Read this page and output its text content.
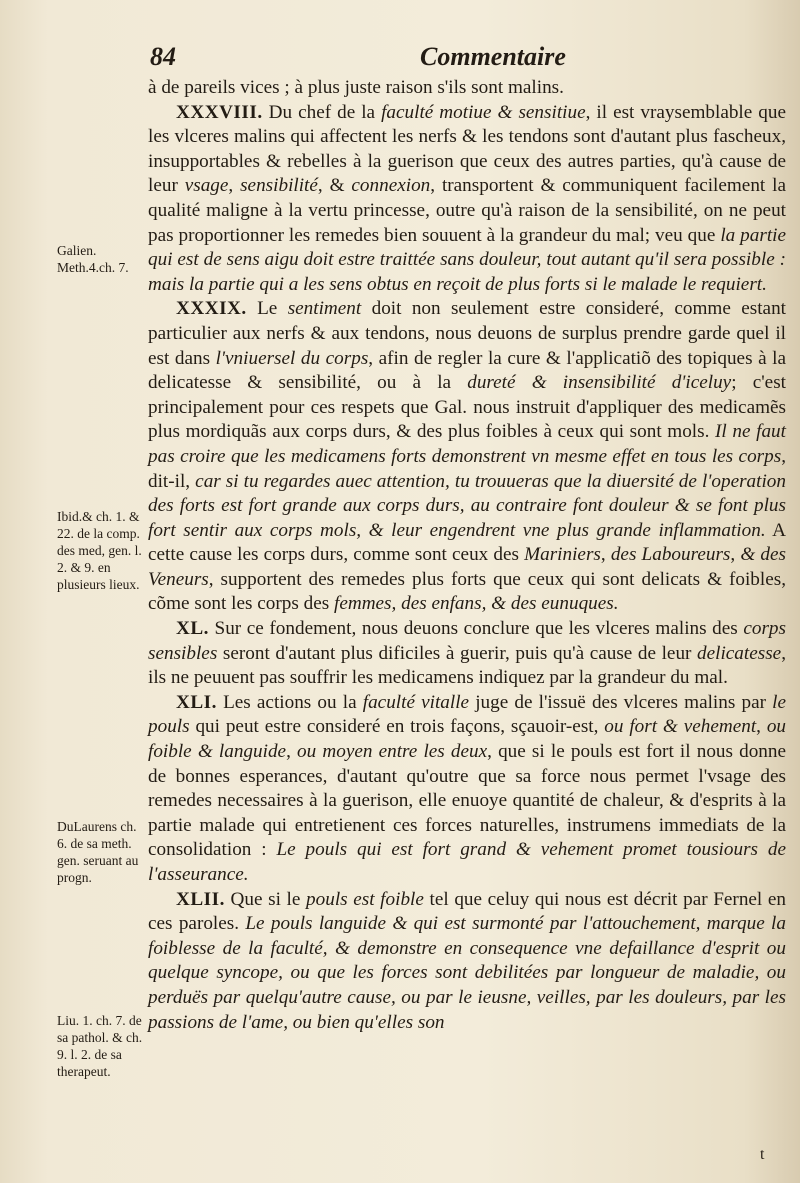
84	Commentaire
Galien. Meth.4.ch. 7.
Ibid.& ch. 1. & 22. de la comp. des med, gen. l. 2. & 9. en plusieurs lieux.
DuLaurens ch. 6. de sa meth. gen. seruant au progn.
Liu. 1. ch. 7. de sa pathol. & ch. 9. l. 2. de sa therapeut.

à de pareils vices ; à plus juste raison s'ils sont malins.

XXXVIII. Du chef de la faculté motiue & sensitiue, il est vraysemblable que les vlceres malins qui affectent les nerfs & les tendons sont d'autant plus fascheux, insupportables & rebelles à la guerison que ceux des autres parties, qu'à cause de leur vsage, sensibilité, & connexion, transportent & communiquent facilement la qualité maligne à la vertu princesse, outre qu'à raison de la sensibilité, on ne peut pas proportionner les remedes bien souuent à la grandeur du mal; veu que la partie qui est de sens aigu doit estre traittée sans douleur, tout autant qu'il sera possible : mais la partie qui a les sens obtus en reçoit de plus forts si le malade le requiert.

XXXIX. Le sentiment doit non seulement estre consideré, comme estant particulier aux nerfs & aux tendons, nous deuons de surplus prendre garde quel il est dans l'vniuersel du corps, afin de regler la cure & l'applicatiõ des topiques à la delicatesse & sensibilité, ou à la dureté & insensibilité d'iceluy; c'est principalement pour ces respets que Gal. nous instruit d'appliquer des medicamẽs plus mordiquãs aux corps durs, & des plus foibles à ceux qui sont mols. Il ne faut pas croire que les medicamens forts demonstrent vn mesme effet en tous les corps, dit-il, car si tu regardes auec attention, tu trouueras que la diuersité de l'operation des forts est fort grande aux corps durs, au contraire font douleur & se font plus fort sentir aux corps mols, & leur engendrent vne plus grande inflammation. A cette cause les corps durs, comme sont ceux des Mariniers, des Laboureurs, & des Veneurs, supportent des remedes plus forts que ceux qui sont delicats & foibles, cõme sont les corps des femmes, des enfans, & des eunuques.

XL. Sur ce fondement, nous deuons conclure que les vlceres malins des corps sensibles seront d'autant plus dificiles à guerir, puis qu'à cause de leur delicatesse, ils ne peuuent pas souffrir les medicamens indiquez par la grandeur du mal.

XLI. Les actions ou la faculté vitalle juge de l'issuë des vlceres malins par le pouls qui peut estre consideré en trois façons, sçauoir-est, ou fort & vehement, ou foible & languide, ou moyen entre les deux, que si le pouls est fort il nous donne de bonnes esperances, d'autant qu'outre que sa force nous permet l'vsage des remedes necessaires à la guerison, elle enuoye quantité de chaleur, & d'esprits à la partie malade qui entretienent ces forces naturelles, instrumens immediats de la consolidation : Le pouls qui est fort grand & vehement promet tousiours de l'asseurance.

XLII. Que si le pouls est foible tel que celuy qui nous est décrit par Fernel en ces paroles. Le pouls languide & qui est surmonté par l'attouchement, marque la foiblesse de la faculté, & demonstre en consequence vne defaillance d'esprit ou quelque syncope, ou que les forces sont debilitées par longueur de maladie, ou perduës par quelqu'autre cause, ou par le ieusne, veilles, par les douleurs, par les passions de l'ame, ou bien qu'elles son

t
